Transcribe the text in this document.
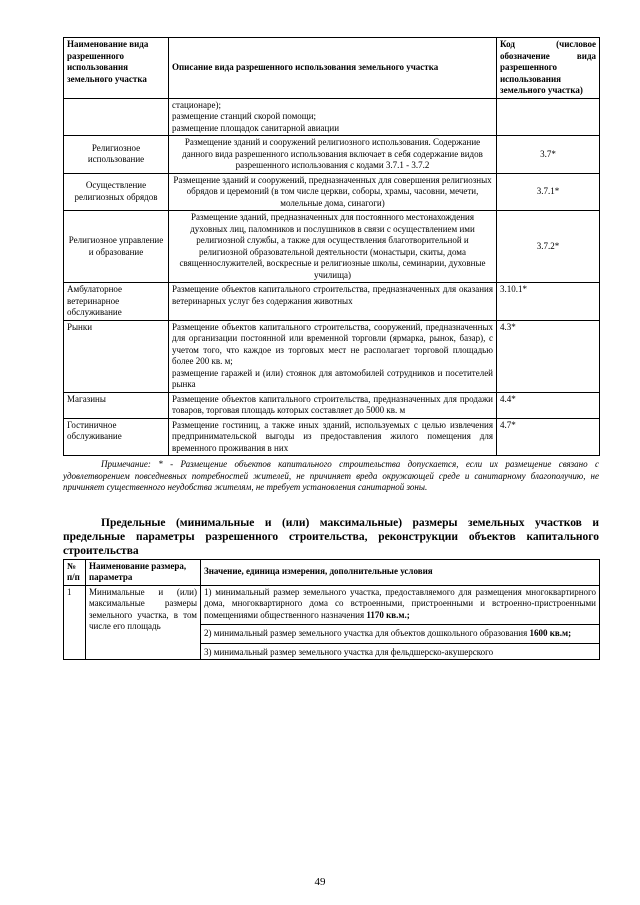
Наименование вида разрешенного использования земельного участка	Описание вида разрешенного использования земельного участка	Код (числовое обозначение вида разрешенного использования земельного участка)
	стационаре);
размещение станций скорой помощи;
размещение площадок санитарной авиации	
Религиозное использование	Размещение зданий и сооружений религиозного использования. Содержание данного вида разрешенного использования включает в себя содержание видов разрешенного использования с кодами 3.7.1 - 3.7.2	3.7*
Осуществление религиозных обрядов	Размещение зданий и сооружений, предназначенных для совершения религиозных обрядов и церемоний (в том числе церкви, соборы, храмы, часовни, мечети, молельные дома, синагоги)	3.7.1*
Религиозное управление и образование	Размещение зданий, предназначенных для постоянного местонахождения духовных лиц, паломников и послушников в связи с осуществлением ими религиозной службы, а также для осуществления благотворительной и религиозной образовательной деятельности (монастыри, скиты, дома священнослужителей, воскресные и религиозные школы, семинарии, духовные училища)	3.7.2*
Амбулаторное ветеринарное обслуживание	Размещение объектов капитального строительства, предназначенных для оказания ветеринарных услуг без содержания животных	3.10.1*
Рынки	Размещение объектов капитального строительства, сооружений, предназначенных для организации постоянной или временной торговли (ярмарка, рынок, базар), с учетом того, что каждое из торговых мест не располагает торговой площадью более 200 кв. м;
размещение гаражей и (или) стоянок для автомобилей сотрудников и посетителей рынка	4.3*
Магазины	Размещение объектов капитального строительства, предназначенных для продажи товаров, торговая площадь которых составляет до 5000 кв. м	4.4*
Гостиничное обслуживание	Размещение гостиниц, а также иных зданий, используемых с целью извлечения предпринимательской выгоды из предоставления жилого помещения для временного проживания в них	4.7*

Примечание: * - Размещение объектов капитального строительства допускается, если их размещение связано с удовлетворением повседневных потребностей жителей, не причиняет вреда окружающей среде и санитарному благополучию, не причиняет существенного неудобства жителям, не требует установления санитарной зоны.

Предельные (минимальные и (или) максимальные) размеры земельных участков и предельные параметры разрешенного строительства, реконструкции объектов капитального строительства

№ п/п	Наименование размера, параметра	Значение, единица измерения, дополнительные условия
1	Минимальные и (или) максимальные размеры земельного участка, в том числе его площадь	1) минимальный размер земельного участка, предоставляемого для размещения многоквартирного дома, многоквартирного дома со встроенными, пристроенными и встроенно-пристроенными помещениями общественного назначения 1170 кв.м.;
2) минимальный размер земельного участка для объектов дошкольного образования 1600 кв.м;
3) минимальный размер земельного участка для фельдшерско-акушерского
49
